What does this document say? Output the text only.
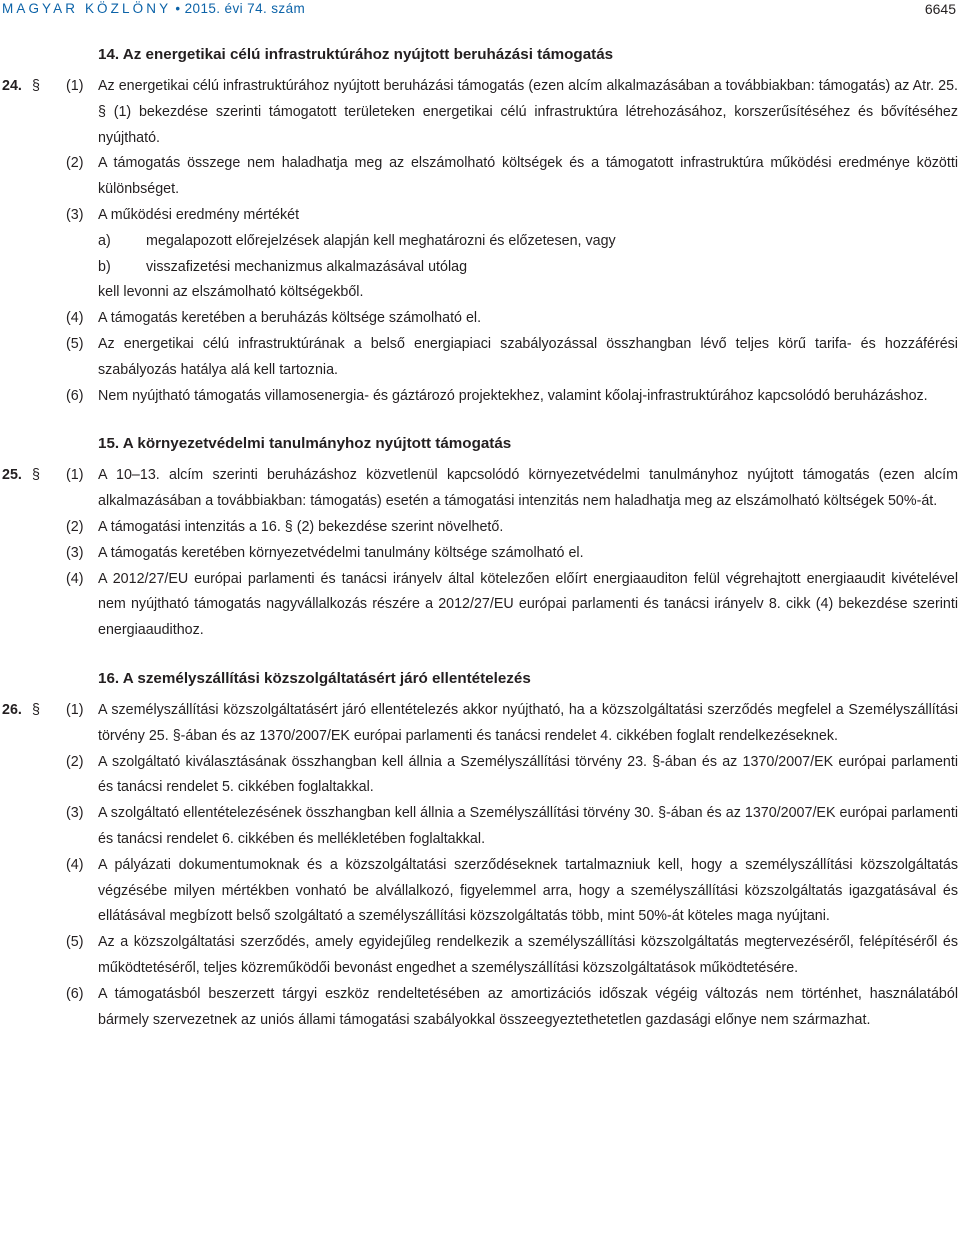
MAGYAR KÖZLÖNY • 2015. évi 74. szám	6645
14. Az energetikai célú infrastruktúrához nyújtott beruházási támogatás
24. § (1) Az energetikai célú infrastruktúrához nyújtott beruházási támogatás (ezen alcím alkalmazásában a továbbiakban: támogatás) az Atr. 25. § (1) bekezdése szerinti támogatott területeken energetikai célú infrastruktúra létrehozásához, korszerűsítéséhez és bővítéséhez nyújtható.

(2) A támogatás összege nem haladhatja meg az elszámolható költségek és a támogatott infrastruktúra működési eredménye közötti különbséget.

(3) A működési eredmény mértékét

a) megalapozott előrejelzések alapján kell meghatározni és előzetesen, vagy
b) visszafizetési mechanizmus alkalmazásával utólag
kell levonni az elszámolható költségekből.
(4) A támogatás keretében a beruházás költsége számolható el.

(5) Az energetikai célú infrastruktúrának a belső energiapiaci szabályozással összhangban lévő teljes körű tarifa- és hozzáférési szabályozás hatálya alá kell tartoznia.

(6) Nem nyújtható támogatás villamosenergia- és gáztározó projektekhez, valamint kőolaj-infrastruktúrához kapcsolódó beruházáshoz.

15. A környezetvédelmi tanulmányhoz nyújtott támogatás
25. § (1) A 10–13. alcím szerinti beruházáshoz közvetlenül kapcsolódó környezetvédelmi tanulmányhoz nyújtott támogatás (ezen alcím alkalmazásában a továbbiakban: támogatás) esetén a támogatási intenzitás nem haladhatja meg az elszámolható költségek 50%-át.

(2) A támogatási intenzitás a 16. § (2) bekezdése szerint növelhető.

(3) A támogatás keretében környezetvédelmi tanulmány költsége számolható el.

(4) A 2012/27/EU európai parlamenti és tanácsi irányelv által kötelezően előírt energiaauditon felül végrehajtott energiaaudit kivételével nem nyújtható támogatás nagyvállalkozás részére a 2012/27/EU európai parlamenti és tanácsi irányelv 8. cikk (4) bekezdése szerinti energiaaudithoz.

16. A személyszállítási közszolgáltatásért járó ellentételezés
26. § (1) A személyszállítási közszolgáltatásért járó ellentételezés akkor nyújtható, ha a közszolgáltatási szerződés megfelel a Személyszállítási törvény 25. §-ában és az 1370/2007/EK európai parlamenti és tanácsi rendelet 4. cikkében foglalt rendelkezéseknek.

(2) A szolgáltató kiválasztásának összhangban kell állnia a Személyszállítási törvény 23. §-ában és az 1370/2007/EK európai parlamenti és tanácsi rendelet 5. cikkében foglaltakkal.

(3) A szolgáltató ellentételezésének összhangban kell állnia a Személyszállítási törvény 30. §-ában és az 1370/2007/EK európai parlamenti és tanácsi rendelet 6. cikkében és mellékletében foglaltakkal.

(4) A pályázati dokumentumoknak és a közszolgáltatási szerződéseknek tartalmazniuk kell, hogy a személyszállítási közszolgáltatás végzésébe milyen mértékben vonható be alvállalkozó, figyelemmel arra, hogy a személyszállítási közszolgáltatás igazgatásával és ellátásával megbízott belső szolgáltató a személyszállítási közszolgáltatás több, mint 50%-át köteles maga nyújtani.

(5) Az a közszolgáltatási szerződés, amely egyidejűleg rendelkezik a személyszállítási közszolgáltatás megtervezéséről, felépítéséről és működtetéséről, teljes közreműködői bevonást engedhet a személyszállítási közszolgáltatások működtetésére.

(6) A támogatásból beszerzett tárgyi eszköz rendeltetésében az amortizációs időszak végéig változás nem történhet, használatából bármely szervezetnek az uniós állami támogatási szabályokkal összeegyeztethetetlen gazdasági előnye nem származhat.
